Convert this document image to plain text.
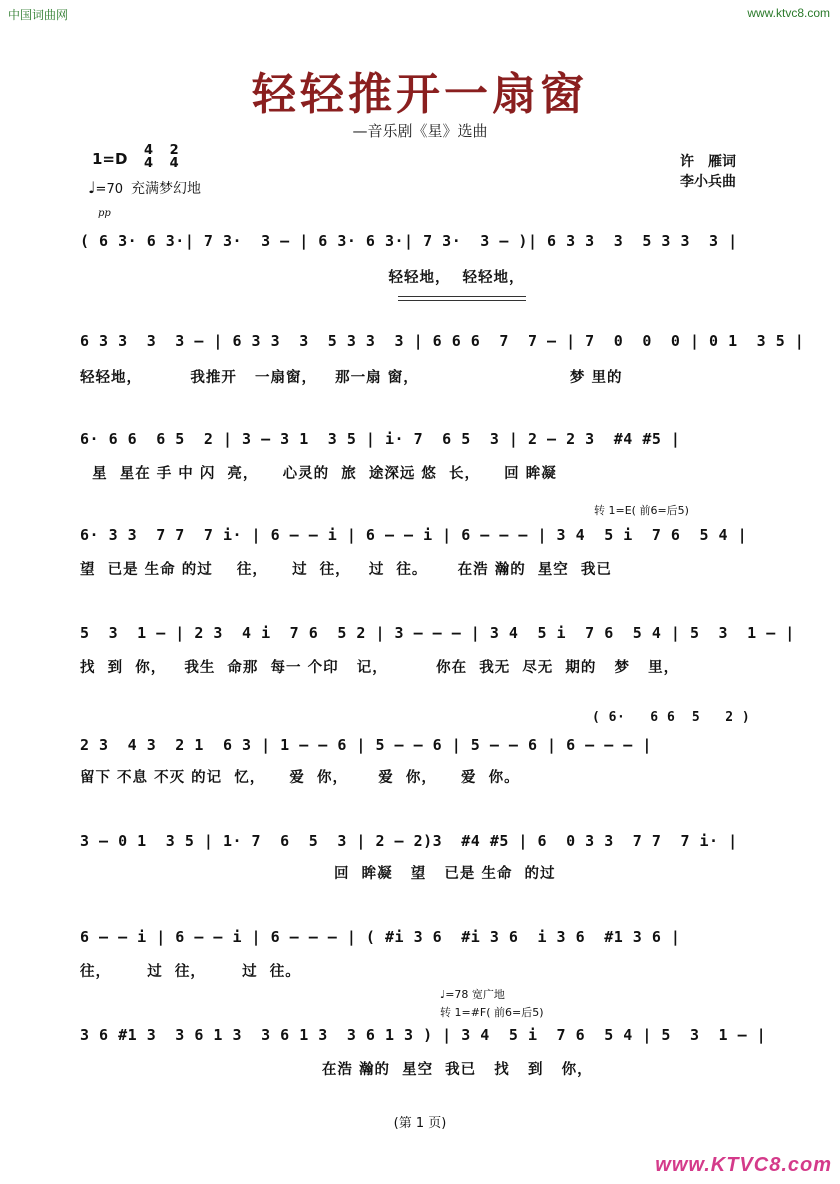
中国词曲网	www.ktvc8.com
轻轻推开一扇窗
—音乐剧《星》选曲
1=D 4
4 2
4
♩=70 充满梦幻地
许　雁词
李小兵曲
pp
( 6 3· 6 3·| 7 3·  3 – | 6 3· 6 3·| 7 3·  3 – )| 6 3 3  3  5 3 3  3 |
轻轻地，  轻轻地，
6 3 3  3  3 – | 6 3 3  3  5 3 3  3 | 6 6 6  7  7 – | 7  0  0  0 | 0 1  3 5 |
轻轻地，        我推开   一扇窗，   那一扇 窗，                         梦 里的
6· 6 6  6 5  2 | 3 – 3 1  3 5 | i· 7  6 5  3 | 2 – 2 3  #4 #5 |
星  星在 手 中 闪  亮，    心灵的  旅  途深远 悠  长，    回 眸凝
转 1=E( 前6=后5)
6· 3 3  7 7  7 i· | 6 – – i | 6 – – i | 6 – – – | 3 4  5 i  7 6  5 4 |
望  已是 生命 的过    往，    过  往，   过  往。     在浩 瀚的  星空  我已
5  3  1 – | 2 3  4 i  7 6  5 2 | 3 – – – | 3 4  5 i  7 6  5 4 | 5  3  1 – |
找  到  你，   我生  命那  每一 个印   记，        你在  我无  尽无  期的   梦   里，
( 6·   6 6  5   2 )
2 3  4 3  2 1  6 3 | 1 – – 6 | 5 – – 6 | 5 – – 6 | 6 – – – |
留下 不息 不灭 的记  忆，    爱  你，     爱  你，    爱  你。
3 – 0 1  3 5 | 1· 7  6  5  3 | 2 – 2)3  #4 #5 | 6  0 3 3  7 7  7 i· |
回  眸凝   望   已是 生命  的过
6 – – i | 6 – – i | 6 – – – | ( #i 3 6  #i 3 6  i 3 6  #1 3 6 |
往，      过  往，      过  往。
♩=78 宽广地
转 1=#F( 前6=后5)
3 6 #1 3  3 6 1 3  3 6 1 3  3 6 1 3 ) | 3 4  5 i  7 6  5 4 | 5  3  1 – |
在浩 瀚的  星空  我已   找   到   你，
(第 1 页)
www.KTVC8.com
